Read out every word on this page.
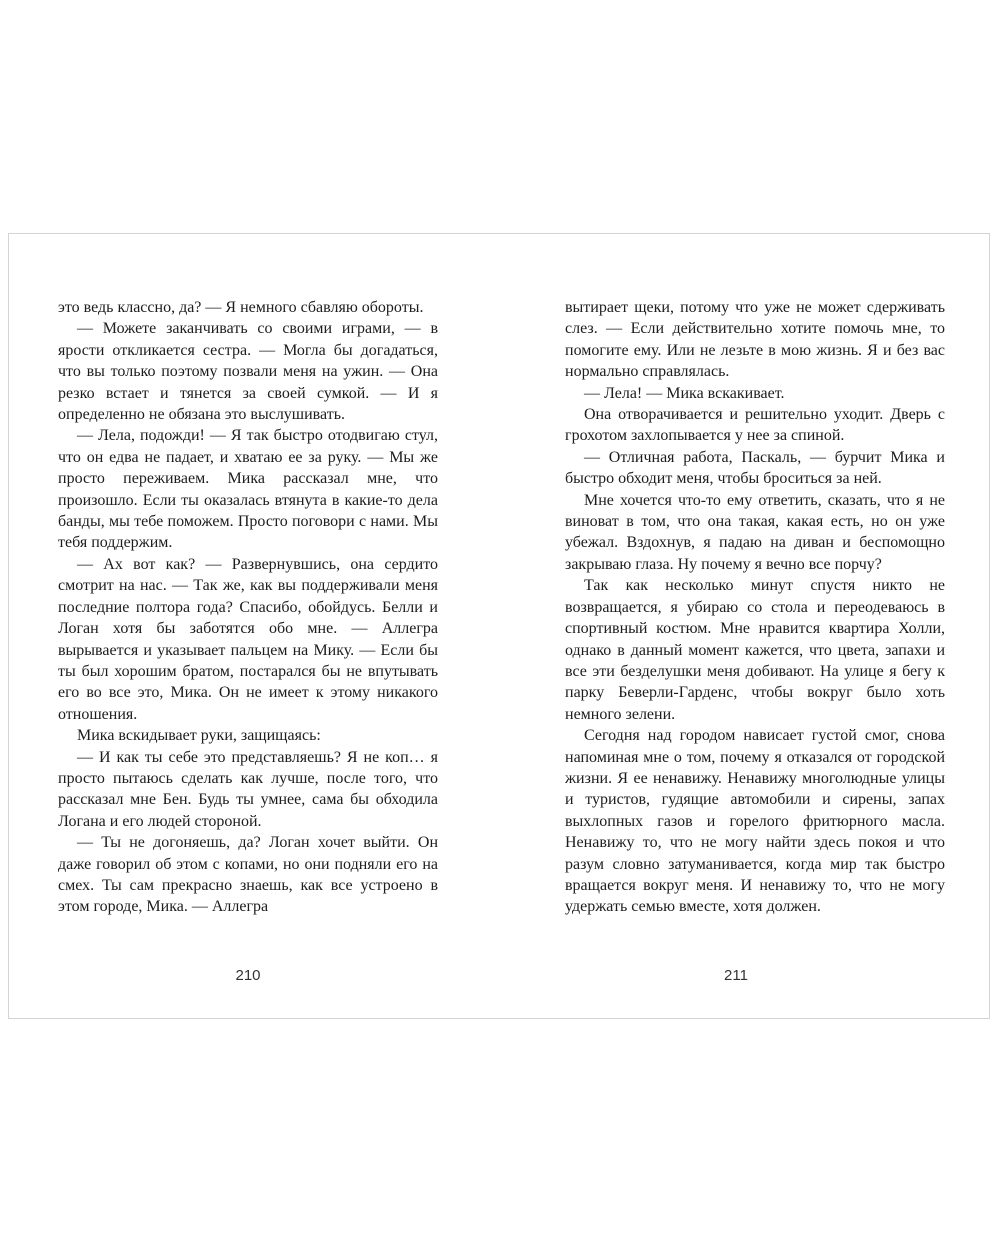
это ведь классно, да? — Я немного сбавляю обороты.

— Можете заканчивать со своими играми, — в ярости откликается сестра. — Могла бы догадаться, что вы только поэтому позвали меня на ужин. — Она резко встает и тянется за своей сумкой. — И я определенно не обязана это выслушивать.

— Лела, подожди! — Я так быстро отодвигаю стул, что он едва не падает, и хватаю ее за руку. — Мы же просто переживаем. Мика рассказал мне, что произошло. Если ты оказалась втянута в какие-то дела банды, мы тебе поможем. Просто поговори с нами. Мы тебя поддержим.

— Ах вот как? — Развернувшись, она сердито смотрит на нас. — Так же, как вы поддерживали меня последние полтора года? Спасибо, обойдусь. Белли и Логан хотя бы заботятся обо мне. — Аллегра вырывается и указывает пальцем на Мику. — Если бы ты был хорошим братом, постарался бы не впутывать его во все это, Мика. Он не имеет к этому никакого отношения.

Мика вскидывает руки, защищаясь:

— И как ты себе это представляешь? Я не коп… я просто пытаюсь сделать как лучше, после того, что рассказал мне Бен. Будь ты умнее, сама бы обходила Логана и его людей стороной.

— Ты не догоняешь, да? Логан хочет выйти. Он даже говорил об этом с копами, но они подняли его на смех. Ты сам прекрасно знаешь, как все устроено в этом городе, Мика. — Аллегра

210

вытирает щеки, потому что уже не может сдерживать слез. — Если действительно хотите помочь мне, то помогите ему. Или не лезьте в мою жизнь. Я и без вас нормально справлялась.

— Лела! — Мика вскакивает.

Она отворачивается и решительно уходит. Дверь с грохотом захлопывается у нее за спиной.

— Отличная работа, Паскаль, — бурчит Мика и быстро обходит меня, чтобы броситься за ней.

Мне хочется что-то ему ответить, сказать, что я не виноват в том, что она такая, какая есть, но он уже убежал. Вздохнув, я падаю на диван и беспомощно закрываю глаза. Ну почему я вечно все порчу?

Так как несколько минут спустя никто не возвращается, я убираю со стола и переодеваюсь в спортивный костюм. Мне нравится квартира Холли, однако в данный момент кажется, что цвета, запахи и все эти безделушки меня добивают. На улице я бегу к парку Беверли-Гарденс, чтобы вокруг было хоть немного зелени.

Сегодня над городом нависает густой смог, снова напоминая мне о том, почему я отказался от городской жизни. Я ее ненавижу. Ненавижу многолюдные улицы и туристов, гудящие автомобили и сирены, запах выхлопных газов и горелого фритюрного масла. Ненавижу то, что не могу найти здесь покоя и что разум словно затуманивается, когда мир так быстро вращается вокруг меня. И ненавижу то, что не могу удержать семью вместе, хотя должен.

211
